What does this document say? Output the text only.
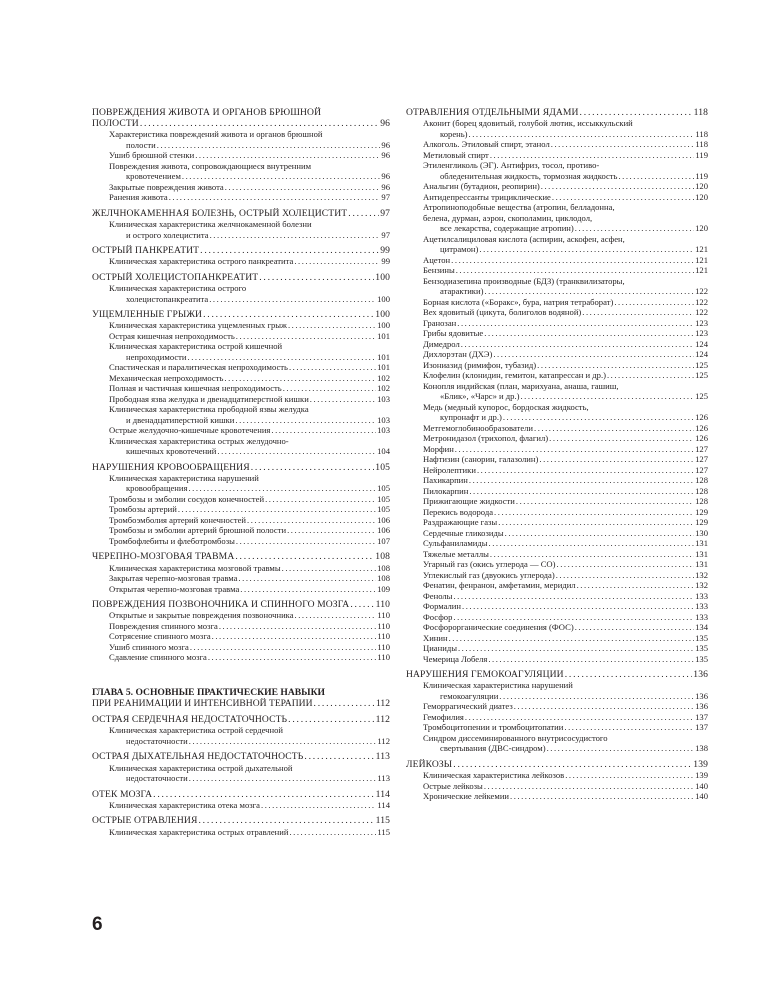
ПОВРЕЖДЕНИЯ ЖИВОТА И ОРГАНОВ БРЮШНОЙ
ПОЛОСТИ . . .	96
Характеристика повреждений живота и органов брюшной
полости . . .	96
Ушиб брюшной стенки . . .	96
Повреждения живота, сопровождающиеся внутренним
кровотечением . . .	96
Закрытые повреждения живота . . .	96
Ранения живота . . .	97
ЖЕЛЧНОКАМЕННАЯ БОЛЕЗНЬ, ОСТРЫЙ ХОЛЕЦИСТИТ . . .	97
Клиническая характеристика желчнокаменной болезни
и острого холецистита . . .	97
ОСТРЫЙ ПАНКРЕАТИТ . . .	99
Клиническая характеристика острого панкреатита . . .	99
ОСТРЫЙ ХОЛЕЦИСТОПАНКРЕАТИТ . . .	100
Клиническая характеристика острого
холецистопанкреатита . . .	100
УЩЕМЛЕННЫЕ ГРЫЖИ . . .	100
Клиническая характеристика ущемленных грыж . . .	100
Острая кишечная непроходимость . . .	101
Клиническая характеристика острой кишечной
непроходимости . . .	101
Спастическая и паралитическая непроходимость . . .	101
Механическая непроходимость . . .	102
Полная и частичная кишечная непроходимость . . .	102
Прободная язва желудка и двенадцатиперстной кишки . . .	103
Клиническая характеристика прободной язвы желудка
и двенадцатиперстной кишки . . .	103
Острые желудочно-кишечные кровотечения . . .	103
Клиническая характеристика острых желудочно-
кишечных кровотечений . . .	104
НАРУШЕНИЯ КРОВООБРАЩЕНИЯ . . .	105
Клиническая характеристика нарушений
кровообращения . . .	105
Тромбозы и эмболии сосудов конечностей . . .	105
Тромбозы артерий . . .	105
Тромбоэмболия артерий конечностей . . .	106
Тромбозы и эмболии артерий брюшной полости . . .	106
Тромбофлебиты и флеботромбозы . . .	107
ЧЕРЕПНО-МОЗГОВАЯ ТРАВМА . . .	108
Клиническая характеристика мозговой травмы . . .	108
Закрытая черепно-мозговая травма . . .	108
Открытая черепно-мозговая травма . . .	109
ПОВРЕЖДЕНИЯ ПОЗВОНОЧНИКА И СПИННОГО МОЗГА . . .	110
Открытые и закрытые повреждения позвоночника . . .	110
Повреждения спинного мозга . . .	110
Сотрясение спинного мозга . . .	110
Ушиб спинного мозга . . .	110
Сдавление спинного мозга . . .	110
ГЛАВА 5. ОСНОВНЫЕ ПРАКТИЧЕСКИЕ НАВЫКИ
ПРИ РЕАНИМАЦИИ И ИНТЕНСИВНОЙ ТЕРАПИИ . . .	112
ОСТРАЯ СЕРДЕЧНАЯ НЕДОСТАТОЧНОСТЬ . . .	112
Клиническая характеристика острой сердечной
недостаточности . . .	112
ОСТРАЯ ДЫХАТЕЛЬНАЯ НЕДОСТАТОЧНОСТЬ . . .	113
Клиническая характеристика острой дыхательной
недостаточности . . .	113
ОТЕК МОЗГА . . .	114
Клиническая характеристика отека мозга . . .	114
ОСТРЫЕ ОТРАВЛЕНИЯ . . .	115
Клиническая характеристика острых отравлений . . .	115
ОТРАВЛЕНИЯ ОТДЕЛЬНЫМИ ЯДАМИ . . .	118
Аконит (борец ядовитый, голубой лютик, иссыккульский
корень) . . .	118
Алкоголь. Этиловый спирт, этанол . . .	118
Метиловый спирт . . .	119
Этиленгликоль (ЭГ). Антифриз, тосол, противо-
обледенительная жидкость, тормозная жидкость . . .	119
Анальгин (бутадион, реопирин) . . .	120
Антидепрессанты трициклические . . .	120
Атропиноподобные вещества (атропин, белладонна,
белена, дурман, аэрон, скополамин, циклодол,
все лекарства, содержащие атропин) . . .	120
Ацетилсалициловая кислота (аспирин, аскофен, асфен,
цитрамон) . . .	121
Ацетон . . .	121
Бензины . . .	121
Бензодиазепина производные (БДЗ) (транквилизаторы,
атарактики) . . .	122
Борная кислота («Боракс», бура, натрия тетраборат) . . .	122
Вех ядовитый (цикута, болиголов водяной) . . .	122
Гранозан . . .	123
Грибы ядовитые . . .	123
Димедрол . . .	124
Дихлорэтан (ДХЭ) . . .	124
Изониазид (римифон, тубазид) . . .	125
Клофелин (клонидин, гемитон, катапрессан и др.) . . .	125
Конопля индийская (план, марихуана, анаша, гашиш,
«Блик», «Чарс» и др.) . . .	125
Медь (медный купорос, бордоская жидкость,
купронафт и др.) . . .	126
Метгемоглобинообразователи . . .	126
Метронидазол (трихопол, флагил) . . .	126
Морфин . . .	127
Нафтизин (санорин, галазолин) . . .	127
Нейролептики . . .	127
Пахикарпин . . .	128
Пилокарпин . . .	128
Прижигающие жидкости . . .	128
Перекись водорода . . .	129
Раздражающие газы . . .	129
Сердечные гликозиды . . .	130
Сульфаниламиды . . .	131
Тяжелые металлы . . .	131
Угарный газ (окись углерода — СО) . . .	131
Углекислый газ (двуокись углерода) . . .	132
Фенатин, фенранон, амфетамин, меридил . . .	132
Фенолы . . .	133
Формалин . . .	133
Фосфор . . .	133
Фосфорорганические соединения (ФОС) . . .	134
Хинин . . .	135
Цианиды . . .	135
Чемерица Лобеля . . .	135
НАРУШЕНИЯ ГЕМОКОАГУЛЯЦИИ . . .	136
Клиническая характеристика нарушений
гемокоагуляции . . .	136
Геморрагический диатез . . .	136
Гемофилия . . .	137
Тромбоцитопении и тромбоцитопатии . . .	137
Синдром диссеминированного внутрисосудистого
свертывания (ДВС-синдром) . . .	138
ЛЕЙКОЗЫ . . .	139
Клиническая характеристика лейкозов . . .	139
Острые лейкозы . . .	140
Хронические лейкемии . . .	140
6
